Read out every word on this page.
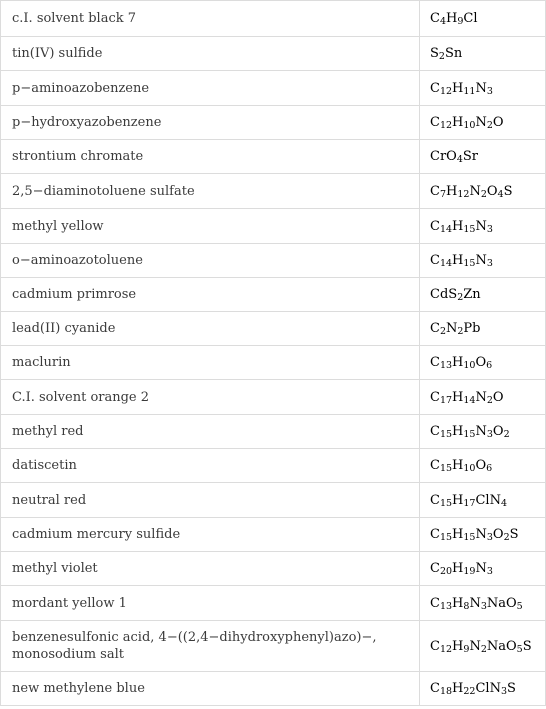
c.I. solvent black 7	$C_4H_9Cl$

tin(IV) sulfide	$S_2Sn$

p−aminoazobenzene	$C_{12}H_{11}N_3$

p−hydroxyazobenzene	$C_{12}H_{10}N_2O$

strontium chromate	CrO$_4$Sr

2,5−diaminotoluene sulfate	$C_7H_{12}N_2O_4S$

methyl yellow	$C_{14}H_{15}N_3$

o−aminoazotoluene	$C_{14}H_{15}N_3$

cadmium primrose	CdS$_2$Zn

lead(II) cyanide	$C_2N_2Pb$

maclurin	$C_{13}H_{10}O_6$

C.I. solvent orange 2	$C_{17}H_{14}N_2O$

methyl red	$C_{15}H_{15}N_3O_2$

datiscetin	$C_{15}H_{10}O_6$

neutral red	$C_{15}H_{17}ClN_4$

cadmium mercury sulfide	$C_{15}H_{15}N_3O_2S$

methyl violet	$C_{20}H_{19}N_3$

mordant yellow 1	$C_{13}H_8N_3NaO_5$

benzenesulfonic acid, 4−((2,4−dihydroxyphenyl)azo)−, monosodium salt	$C_{12}H_9N_2NaO_5S$

new methylene blue	$C_{18}H_{22}ClN_3S$
